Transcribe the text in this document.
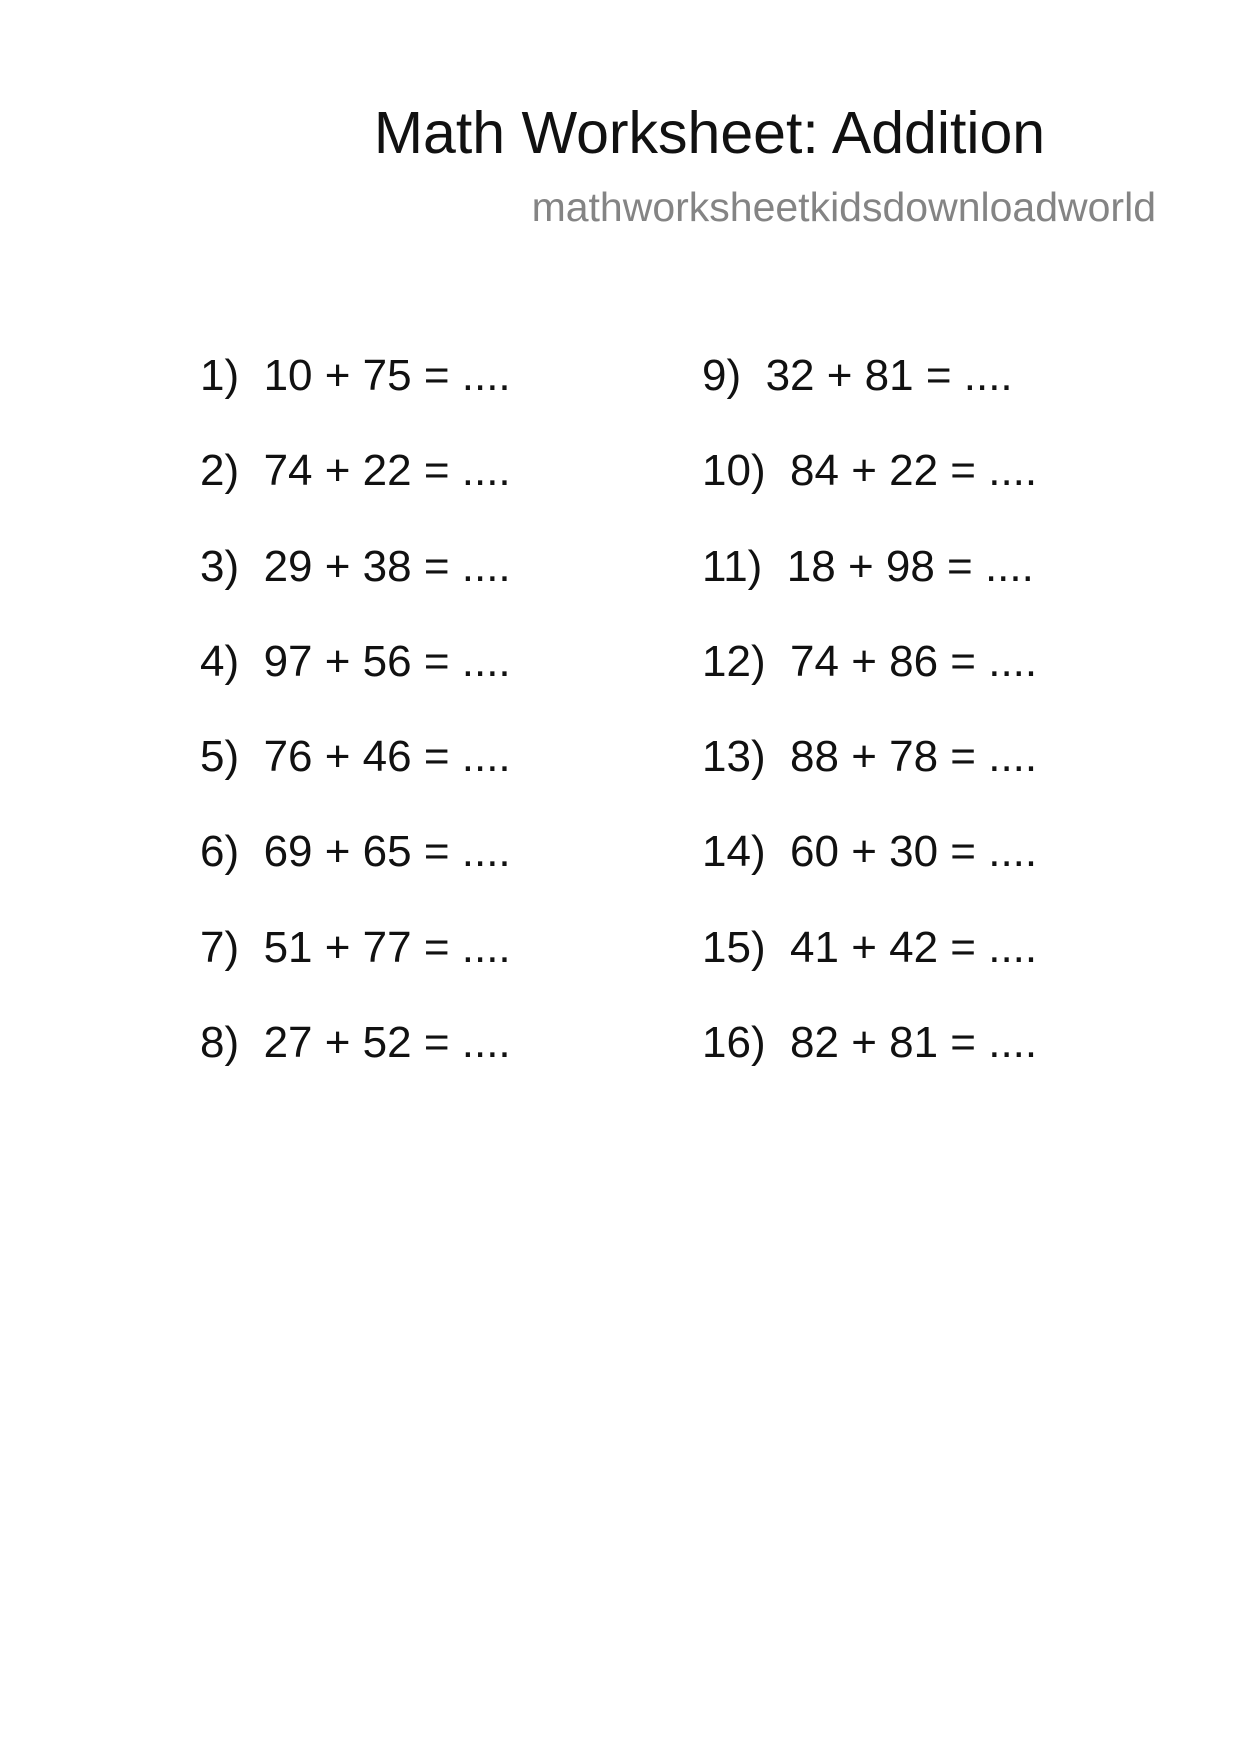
Math Worksheet: Addition
mathworksheetkidsdownloadworld
1) 10 + 75 = ....
2) 74 + 22 = ....
3) 29 + 38 = ....
4) 97 + 56 = ....
5) 76 + 46 = ....
6) 69 + 65 = ....
7) 51 + 77 = ....
8) 27 + 52 = ....
9) 32 + 81 = ....
10) 84 + 22 = ....
11) 18 + 98 = ....
12) 74 + 86 = ....
13) 88 + 78 = ....
14) 60 + 30 = ....
15) 41 + 42 = ....
16) 82 + 81 = ....
